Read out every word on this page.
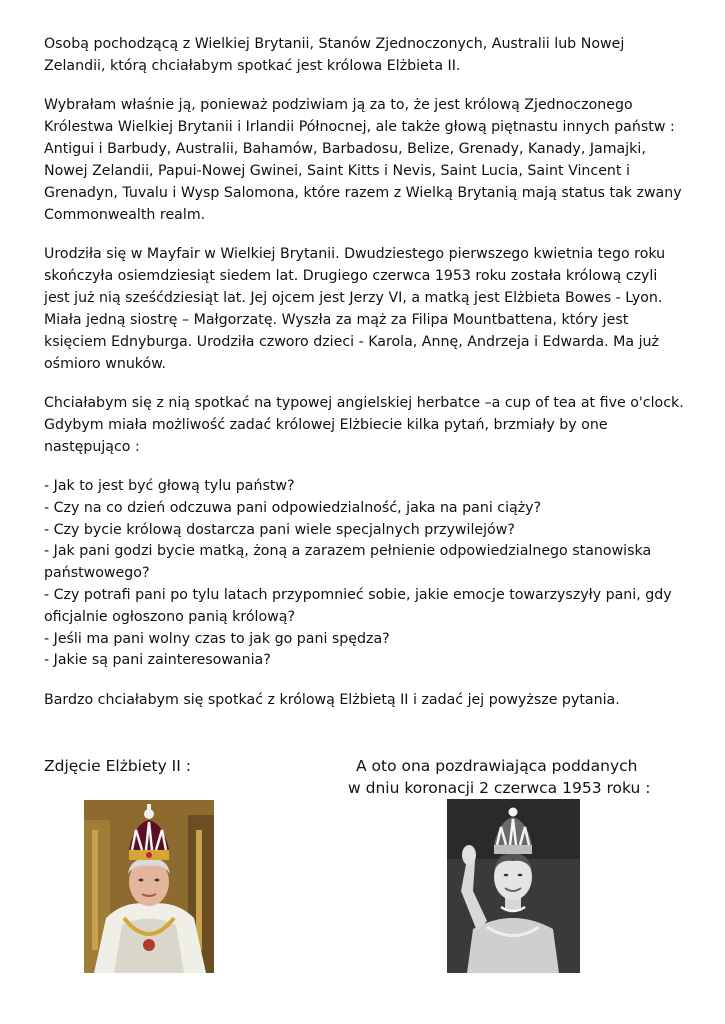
Osobą pochodzącą z Wielkiej Brytanii, Stanów Zjednoczonych, Australii lub Nowej Zelandii, którą chciałabym spotkać jest królowa Elżbieta II.

Wybrałam właśnie ją, ponieważ podziwiam ją za to, że jest królową Zjednoczonego Królestwa Wielkiej Brytanii i Irlandii Północnej, ale także głową piętnastu innych państw : Antigui i Barbudy, Australii, Bahamów, Barbadosu, Belize, Grenady, Kanady, Jamajki, Nowej Zelandii, Papui-Nowej Gwinei, Saint Kitts i Nevis, Saint Lucia, Saint Vincent i Grenadyn, Tuvalu i Wysp Salomona, które razem z Wielką Brytanią mają status tak zwany Commonwealth realm.

Urodziła się w Mayfair w Wielkiej Brytanii. Dwudziestego pierwszego kwietnia tego roku skończyła osiemdziesiąt siedem lat. Drugiego czerwca 1953 roku została królową czyli jest już nią sześćdziesiąt lat. Jej ojcem jest Jerzy VI, a matką jest Elżbieta Bowes - Lyon. Miała jedną siostrę – Małgorzatę. Wyszła za mąż za Filipa Mountbattena, który jest księciem Ednyburga. Urodziła czworo dzieci - Karola, Annę, Andrzeja i Edwarda. Ma już ośmioro wnuków.

Chciałabym się z nią spotkać na typowej angielskiej herbatce –a cup of tea at five o'clock.

Gdybym miała możliwość zadać królowej Elżbiecie kilka pytań, brzmiały by one następująco :

- Jak to jest być głową tylu państw?
- Czy na co dzień odczuwa pani odpowiedzialność, jaka na pani ciąży?
- Czy bycie królową dostarcza pani wiele specjalnych przywilejów?
- Jak pani godzi bycie matką, żoną a zarazem pełnienie odpowiedzialnego stanowiska państwowego?
- Czy potrafi pani po tylu latach przypomnieć sobie, jakie emocje towarzyszyły pani, gdy oficjalnie ogłoszono panią królową?
- Jeśli ma pani wolny czas to jak go pani spędza?
- Jakie są pani zainteresowania?

Bardzo chciałabym się spotkać z królową Elżbietą II i zadać jej powyższe pytania.

Zdjęcie Elżbiety II :	A oto ona pozdrawiająca poddanych
w dniu koronacji 2 czerwca 1953 roku :
